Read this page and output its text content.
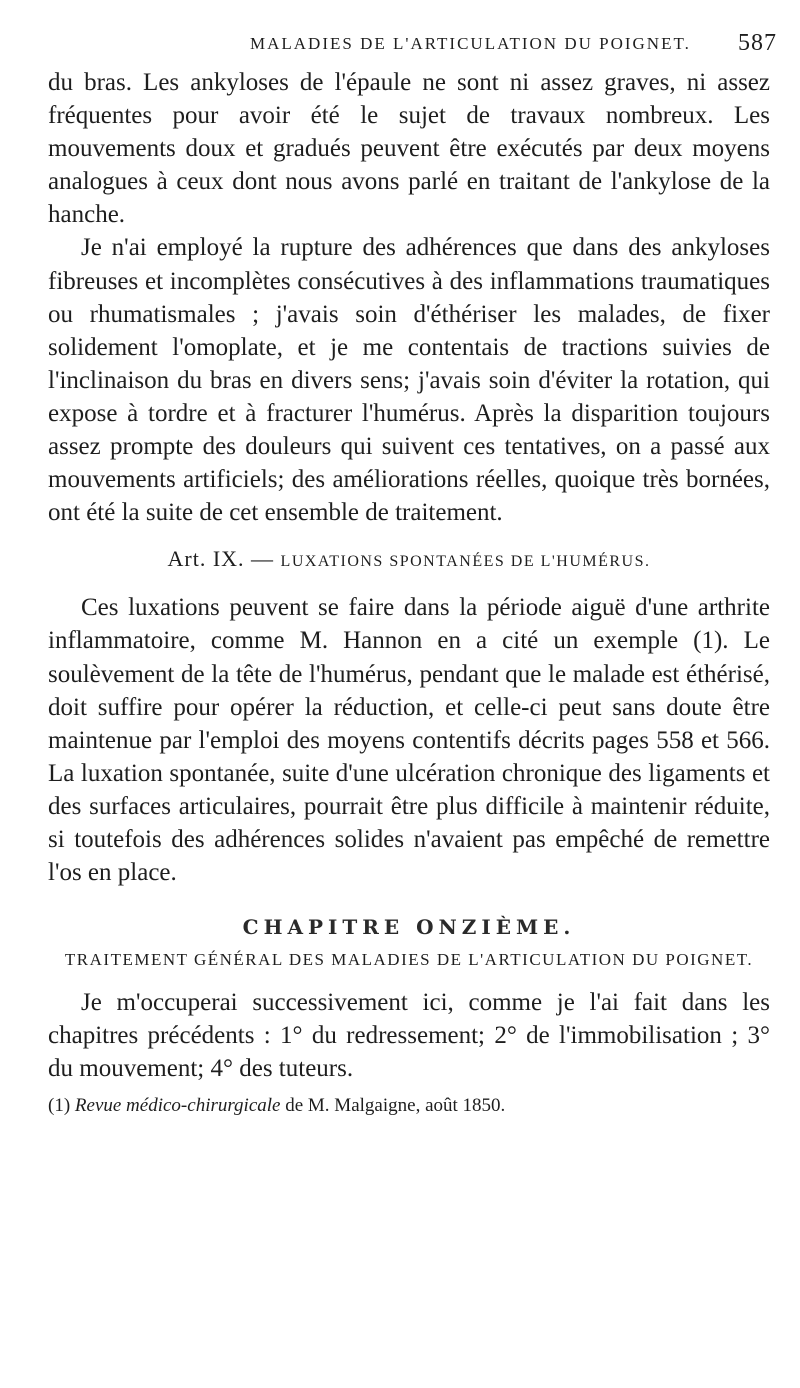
MALADIES DE L'ARTICULATION DU POIGNET.	587

du bras. Les ankyloses de l'épaule ne sont ni assez graves, ni assez fréquentes pour avoir été le sujet de travaux nombreux. Les mouvements doux et gradués peuvent être exécutés par deux moyens analogues à ceux dont nous avons parlé en traitant de l'ankylose de la hanche.

Je n'ai employé la rupture des adhérences que dans des ankyloses fibreuses et incomplètes consécutives à des inflammations traumatiques ou rhumatismales ; j'avais soin d'éthériser les malades, de fixer solidement l'omoplate, et je me contentais de tractions suivies de l'inclinaison du bras en divers sens; j'avais soin d'éviter la rotation, qui expose à tordre et à fracturer l'humérus. Après la disparition toujours assez prompte des douleurs qui suivent ces tentatives, on a passé aux mouvements artificiels; des améliorations réelles, quoique très bornées, ont été la suite de cet ensemble de traitement.

Art. IX. — LUXATIONS SPONTANÉES DE L'HUMÉRUS.

Ces luxations peuvent se faire dans la période aiguë d'une arthrite inflammatoire, comme M. Hannon en a cité un exemple (1). Le soulèvement de la tête de l'humérus, pendant que le malade est éthérisé, doit suffire pour opérer la réduction, et celle-ci peut sans doute être maintenue par l'emploi des moyens contentifs décrits pages 558 et 566. La luxation spontanée, suite d'une ulcération chronique des ligaments et des surfaces articulaires, pourrait être plus difficile à maintenir réduite, si toutefois des adhérences solides n'avaient pas empêché de remettre l'os en place.

CHAPITRE ONZIÈME.
TRAITEMENT GÉNÉRAL DES MALADIES DE L'ARTICULATION DU POIGNET.

Je m'occuperai successivement ici, comme je l'ai fait dans les chapitres précédents : 1° du redressement; 2° de l'immobilisation ; 3° du mouvement; 4° des tuteurs.

(1) Revue médico-chirurgicale de M. Malgaigne, août 1850.
